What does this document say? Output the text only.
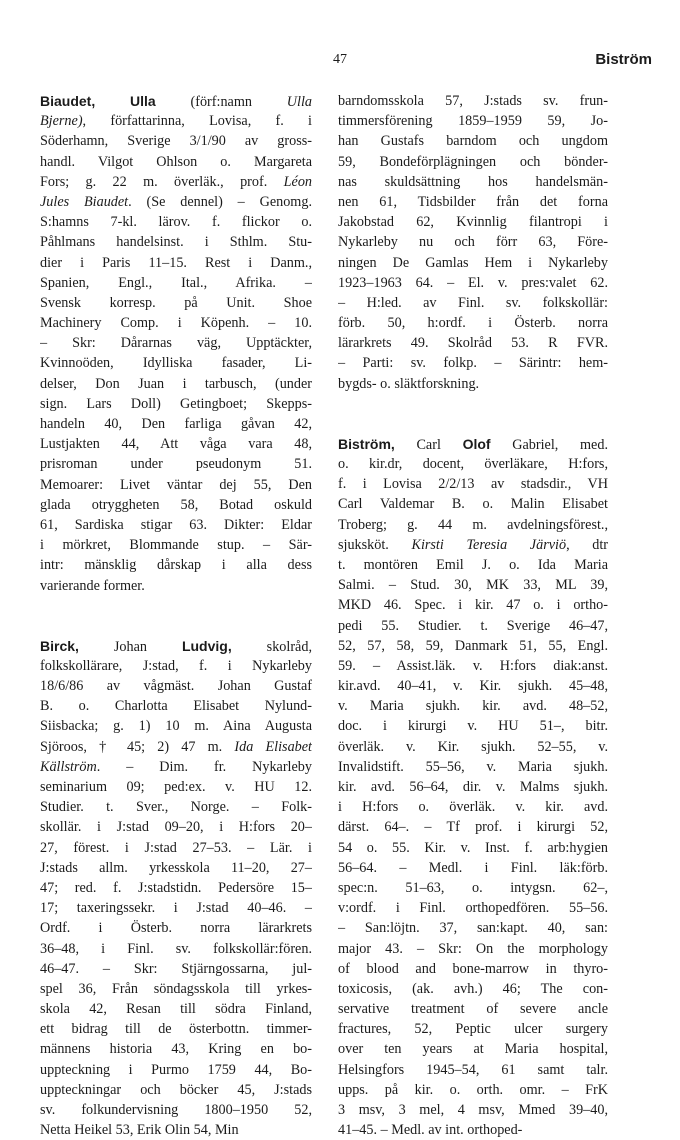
47	Biström
Biaudet, Ulla (förf:namn Ulla
Bjerne), författarinna, Lovisa, f. i
Söderhamn, Sverige 3/1/90 av gross-
handl. Vilgot Ohlson o. Margareta
Fors; g. 22 m. överläk., prof. Léon
Jules Biaudet. (Se dennel) – Genomg.
S:hamns 7-kl. lärov. f. flickor o.
Påhlmans handelsinst. i Sthlm. Stu-
dier i Paris 11–15. Rest i Danm.,
Spanien, Engl., Ital., Afrika. –
Svensk korresp. på Unit. Shoe
Machinery Comp. i Köpenh. – 10.
– Skr: Dårarnas väg, Upptäckter,
Kvinnoöden, Idylliska fasader, Li-
delser, Don Juan i tarbusch, (under
sign. Lars Doll) Getingboet; Skepps-
handeln 40, Den farliga gåvan 42,
Lustjakten 44, Att våga vara 48,
prisroman under pseudonym 51.
Memoarer: Livet väntar dej 55, Den
glada otryggheten 58, Botad oskuld
61, Sardiska stigar 63. Dikter: Eldar
i mörkret, Blommande stup. – Sär-
intr: mänsklig dårskap i alla dess
varierande former.
Birck, Johan Ludvig, skolråd,
folkskollärare, J:stad, f. i Nykarleby
18/6/86 av vågmäst. Johan Gustaf
B. o. Charlotta Elisabet Nylund-
Siisbacka; g. 1) 10 m. Aina Augusta
Sjöroos, † 45; 2) 47 m. Ida Elisabet
Källström. – Dim. fr. Nykarleby
seminarium 09; ped:ex. v. HU 12.
Studier. t. Sver., Norge. – Folk-
skollär. i J:stad 09–20, i H:fors 20–
27, förest. i J:stad 27–53. – Lär. i
J:stads allm. yrkesskola 11–20, 27–
47; red. f. J:stadstidn. Pedersöre 15–
17; taxeringssekr. i J:stad 40–46. –
Ordf. i Österb. norra lärarkrets
36–48, i Finl. sv. folkskollär:fören.
46–47. – Skr: Stjärngossarna, jul-
spel 36, Från söndagsskola till yrkes-
skola 42, Resan till södra Finland,
ett bidrag till de österbottn. timmer-
männens historia 43, Kring en bo-
uppteckning i Purmo 1759 44, Bo-
uppteckningar och böcker 45, J:stads
sv. folkundervisning 1800–1950 52,
Netta Heikel 53, Erik Olin 54, Min
barndomsskola 57, J:stads sv. frun-
timmersförening 1859–1959 59, Jo-
han Gustafs barndom och ungdom
59, Bondeförplägningen och bönder-
nas skuldsättning hos handelsmän-
nen 61, Tidsbilder från det forna
Jakobstad 62, Kvinnlig filantropi i
Nykarleby nu och förr 63, Före-
ningen De Gamlas Hem i Nykarleby
1923–1963 64. – El. v. pres:valet 62.
– H:led. av Finl. sv. folkskollär:
förb. 50, h:ordf. i Österb. norra
lärarkrets 49. Skolråd 53. R FVR.
– Parti: sv. folkp. – Särintr: hem-
bygds- o. släktforskning.
Biström, Carl Olof Gabriel, med.
o. kir.dr, docent, överläkare, H:fors,
f. i Lovisa 2/2/13 av stadsdir., VH
Carl Valdemar B. o. Malin Elisabet
Troberg; g. 44 m. avdelningsförest.,
sjuksköt. Kirsti Teresia Järviö, dtr
t. montören Emil J. o. Ida Maria
Salmi. – Stud. 30, MK 33, ML 39,
MKD 46. Spec. i kir. 47 o. i ortho-
pedi 55. Studier. t. Sverige 46–47,
52, 57, 58, 59, Danmark 51, 55, Engl.
59. – Assist.läk. v. H:fors diak:anst.
kir.avd. 40–41, v. Kir. sjukh. 45–48,
v. Maria sjukh. kir. avd. 48–52,
doc. i kirurgi v. HU 51–, bitr.
överläk. v. Kir. sjukh. 52–55, v.
Invalidstift. 55–56, v. Maria sjukh.
kir. avd. 56–64, dir. v. Malms sjukh.
i H:fors o. överläk. v. kir. avd.
därst. 64–. – Tf prof. i kirurgi 52,
54 o. 55. Kir. v. Inst. f. arb:hygien
56–64. – Medl. i Finl. läk:förb.
spec:n. 51–63, o. intygsn. 62–,
v:ordf. i Finl. orthopedfören. 55–56.
– San:löjtn. 37, san:kapt. 40, san:
major 43. – Skr: On the morphology
of blood and bone-marrow in thyro-
toxicosis, (ak. avh.) 46; The con-
servative treatment of severe ancle
fractures, 52, Peptic ulcer surgery
over ten years at Maria hospital,
Helsingfors 1945–54, 61 samt talr.
upps. på kir. o. orth. omr. – FrK
3 msv, 3 mel, 4 msv, Mmed 39–40,
41–45. – Medl. av int. orthoped-
